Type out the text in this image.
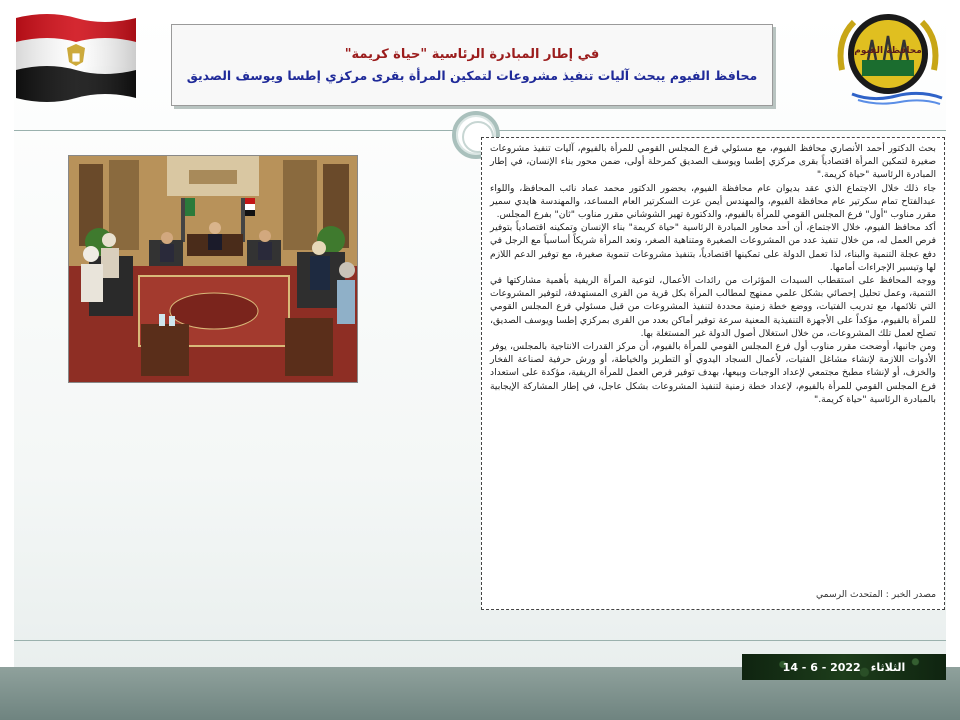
محافظة الفيوم
في إطار المبادرة الرئاسية "حياة كريمة"
محافظ الفيوم يبحث آليات تنفيذ مشروعات لتمكين المرأة بقرى مركزي إطسا ويوسف الصديق

بحث الدكتور أحمد الأنصاري محافظ الفيوم، مع مسئولي فرع المجلس القومي للمرأة بالفيوم، آليات تنفيذ مشروعات صغيرة لتمكين المرأة اقتصادياً بقرى مركزي إطسا ويوسف الصديق كمرحلة أولى، ضمن محور بناء الإنسان، في إطار المبادرة الرئاسية "حياة كريمة."

جاء ذلك خلال الاجتماع الذي عقد بديوان عام محافظة الفيوم، بحضور الدكتور محمد عماد نائب المحافظ، واللواء عبدالفتاح تمام سكرتير عام محافظة الفيوم، والمهندس أيمن عزت السكرتير العام المساعد، والمهندسة هايدي سمير مقرر مناوب "أول" فرع المجلس القومي للمرأة بالفيوم، والدكتورة تهير الشوشاني مقرر مناوب "ثان" بفرع المجلس.

أكد محافظ الفيوم، خلال الاجتماع، أن أحد محاور المبادرة الرئاسية "حياة كريمة" بناء الإنسان وتمكينه اقتصادياً بتوفير فرص العمل له، من خلال تنفيذ عدد من المشروعات الصغيرة ومتناهية الصغر، وتعد المرأة شريكاً أساسياً مع الرجل في دفع عجلة التنمية والبناء، لذا تعمل الدولة على تمكينها اقتصادياً، بتنفيذ مشروعات تنموية صغيرة، مع توفير الدعم اللازم لها وتيسير الإجراءات أمامها.

ووجه المحافظ على استقطاب السيدات المؤثرات من رائدات الأعمال، لتوعية المرأة الريفية بأهمية مشاركتها في التنمية، وعمل تحليل إحصائي بشكل علمي ممنهج لمطالب المرأة بكل قرية من القرى المستهدفة، لتوفير المشروعات التي تلائمها، مع تدريب الفتيات، ووضع خطة زمنية محددة لتنفيذ المشروعات من قبل مسئولي فرع المجلس القومي للمرأة بالفيوم، مؤكداً على الأجهزة التنفيذية المعنية سرعة توفير أماكن بعدد من القرى بمركزي إطسا ويوسف الصديق، تصلح لعمل تلك المشروعات، من خلال استغلال أصول الدولة غير المستغلة بها.

ومن جانبها، أوضحت مقرر مناوب أول فرع المجلس القومي للمرأة بالفيوم، أن مركز القدرات الانتاجية بالمجلس، يوفر الأدوات اللازمة لإنشاء مشاغل الفتيات، لأعمال السجاد اليدوي أو التطريز والخياطة، أو ورش حرفية لصناعة الفخار والخزف، أو لإنشاء مطبخ مجتمعي لإعداد الوجبات وبيعها، بهدف توفير فرص العمل للمرأة الريفية، مؤكدة على استعداد فرع المجلس القومي للمرأة بالفيوم، لإعداد خطة زمنية لتنفيذ المشروعات بشكل عاجل، في إطار المشاركة الإيجابية بالمبادرة الرئاسية "حياة كريمة."

مصدر الخبر : المتحدث الرسمي
الثلاثاء
14 - 6 - 2022
